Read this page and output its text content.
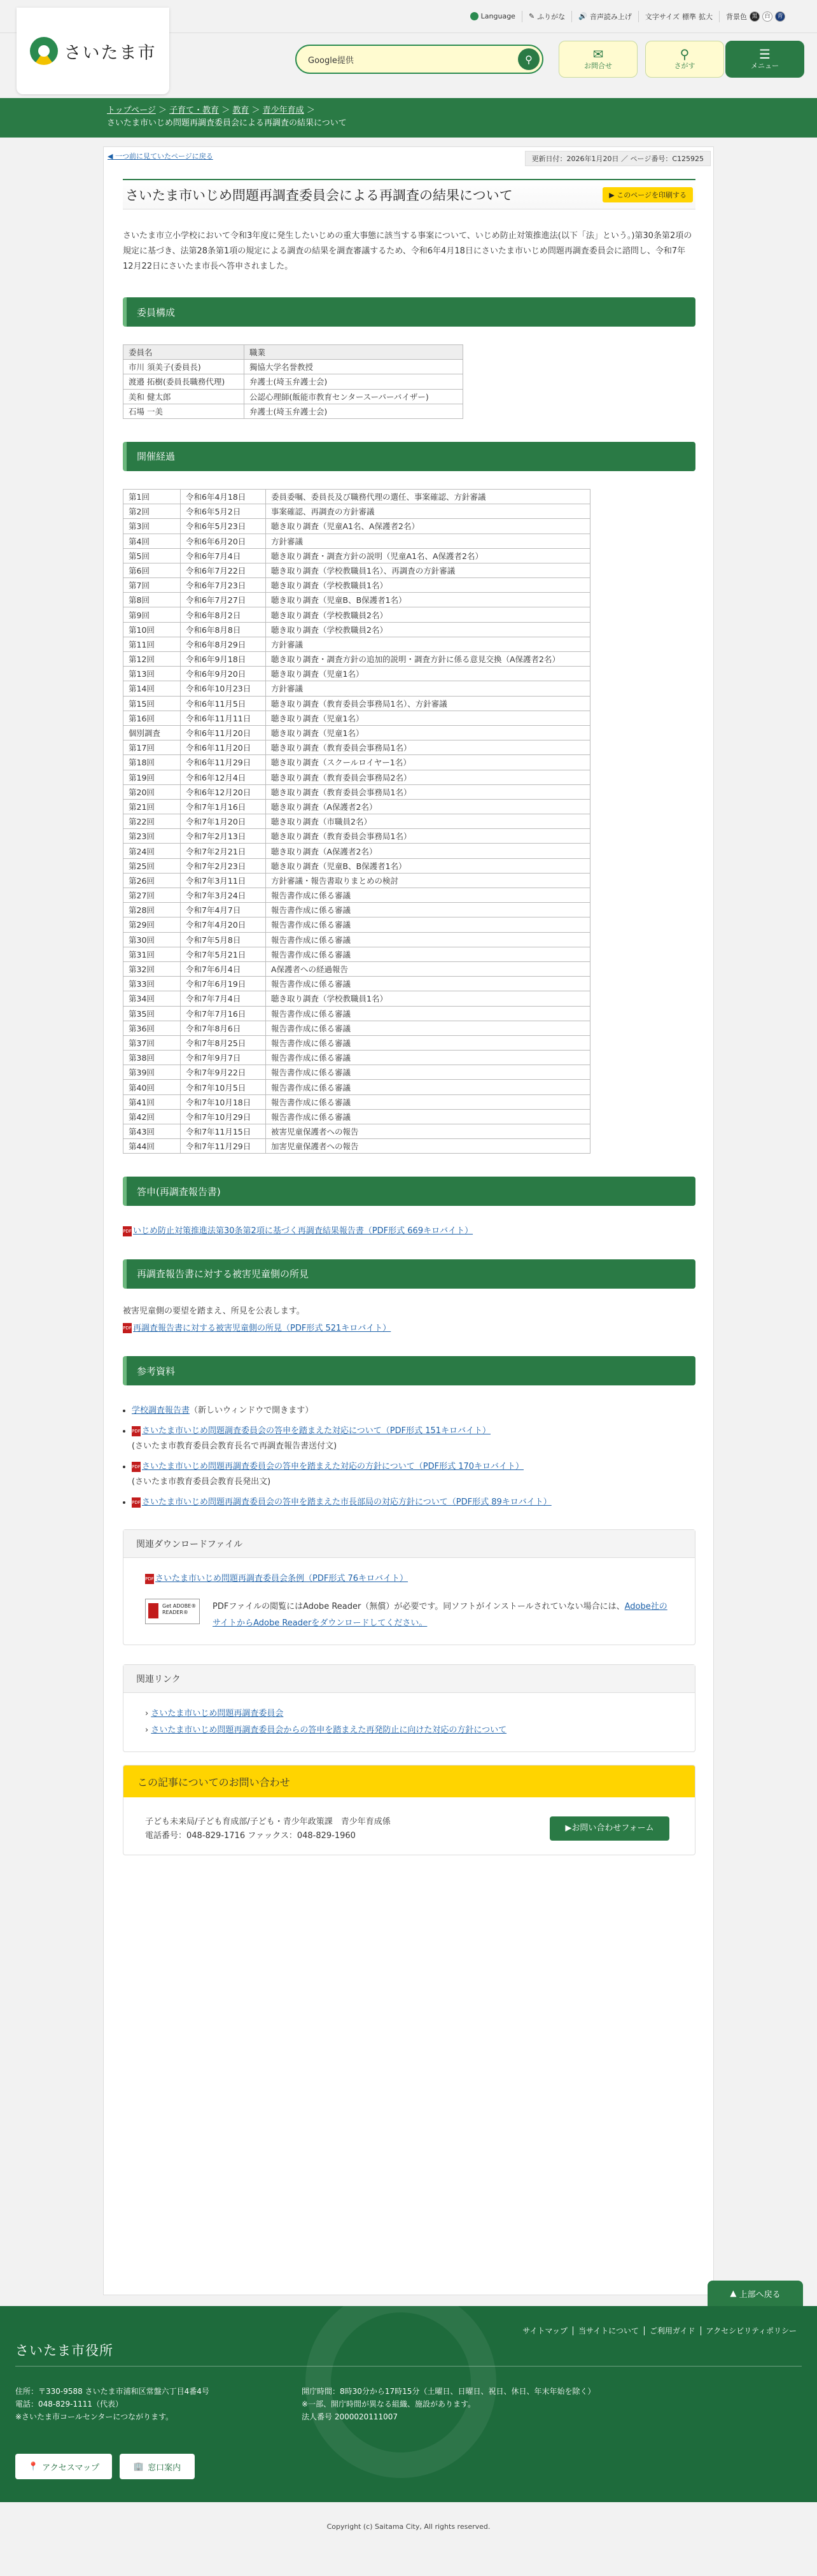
Language ✎ ふりがな 🔊 音声読み上げ 文字サイズ 標準 拡大 背景色 黒	白	青
さいたま市	Google提供	⚲	✉
お問合せ
⚲
さがす
☰
メニュー
トップページ ＞ 子育て・教育 ＞ 教育 ＞ 青少年育成 ＞
さいたま市いじめ問題再調査委員会による再調査の結果について
◀ 一つ前に見ていたページに戻る	更新日付：2026年1月20日 ／ ページ番号：C125925
さいたま市いじめ問題再調査委員会による再調査の結果について	▶ このページを印刷する

さいたま市立小学校において令和3年度に発生したいじめの重大事態に該当する事案について、いじめ防止対策推進法(以下「法」という。)第30条第2項の規定に基づき、法第28条第1項の規定による調査の結果を調査審議するため、令和6年4月18日にさいたま市いじめ問題再調査委員会に諮問し、令和7年12月22日にさいたま市長へ答申されました。

委員構成
委員名	職業
市川 須美子(委員長)	獨協大学名誉教授
渡邉 拓樹(委員長職務代理)	弁護士(埼玉弁護士会)
美和 健太郎	公認心理師(飯能市教育センタースーパーバイザー)
石場 一美	弁護士(埼玉弁護士会)
開催経過
第1回	令和6年4月18日	委員委嘱、委員長及び職務代理の選任、事案確認、方針審議
第2回	令和6年5月2日	事案確認、再調査の方針審議
第3回	令和6年5月23日	聴き取り調査（児童A1名、A保護者2名）
第4回	令和6年6月20日	方針審議
第5回	令和6年7月4日	聴き取り調査・調査方針の説明（児童A1名、A保護者2名）
第6回	令和6年7月22日	聴き取り調査（学校教職員1名）、再調査の方針審議
第7回	令和6年7月23日	聴き取り調査（学校教職員1名）
第8回	令和6年7月27日	聴き取り調査（児童B、B保護者1名）
第9回	令和6年8月2日	聴き取り調査（学校教職員2名）
第10回	令和6年8月8日	聴き取り調査（学校教職員2名）
第11回	令和6年8月29日	方針審議
第12回	令和6年9月18日	聴き取り調査・調査方針の追加的説明・調査方針に係る意見交換（A保護者2名）
第13回	令和6年9月20日	聴き取り調査（児童1名）
第14回	令和6年10月23日	方針審議
第15回	令和6年11月5日	聴き取り調査（教育委員会事務局1名）、方針審議
第16回	令和6年11月11日	聴き取り調査（児童1名）
個別調査	令和6年11月20日	聴き取り調査（児童1名）
第17回	令和6年11月20日	聴き取り調査（教育委員会事務局1名）
第18回	令和6年11月29日	聴き取り調査（スクールロイヤー1名）
第19回	令和6年12月4日	聴き取り調査（教育委員会事務局2名）
第20回	令和6年12月20日	聴き取り調査（教育委員会事務局1名）
第21回	令和7年1月16日	聴き取り調査（A保護者2名）
第22回	令和7年1月20日	聴き取り調査（市職員2名）
第23回	令和7年2月13日	聴き取り調査（教育委員会事務局1名）
第24回	令和7年2月21日	聴き取り調査（A保護者2名）
第25回	令和7年2月23日	聴き取り調査（児童B、B保護者1名）
第26回	令和7年3月11日	方針審議・報告書取りまとめの検討
第27回	令和7年3月24日	報告書作成に係る審議
第28回	令和7年4月7日	報告書作成に係る審議
第29回	令和7年4月20日	報告書作成に係る審議
第30回	令和7年5月8日	報告書作成に係る審議
第31回	令和7年5月21日	報告書作成に係る審議
第32回	令和7年6月4日	A保護者への経過報告
第33回	令和7年6月19日	報告書作成に係る審議
第34回	令和7年7月4日	聴き取り調査（学校教職員1名）
第35回	令和7年7月16日	報告書作成に係る審議
第36回	令和7年8月6日	報告書作成に係る審議
第37回	令和7年8月25日	報告書作成に係る審議
第38回	令和7年9月7日	報告書作成に係る審議
第39回	令和7年9月22日	報告書作成に係る審議
第40回	令和7年10月5日	報告書作成に係る審議
第41回	令和7年10月18日	報告書作成に係る審議
第42回	令和7年10月29日	報告書作成に係る審議
第43回	令和7年11月15日	被害児童保護者への報告
第44回	令和7年11月29日	加害児童保護者への報告
答申(再調査報告書)
PDF いじめ防止対策推進法第30条第2項に基づく再調査結果報告書（PDF形式 669キロバイト）
再調査報告書に対する被害児童側の所見
被害児童側の要望を踏まえ、所見を公表します。
PDF 再調査報告書に対する被害児童側の所見（PDF形式 521キロバイト）
参考資料
• 学校調査報告書（新しいウィンドウで開きます）
• PDF さいたま市いじめ問題調査委員会の答申を踏まえた対応について（PDF形式 151キロバイト）
(さいたま市教育委員会教育長名で再調査報告書送付文)
• PDF さいたま市いじめ問題再調査委員会の答申を踏まえた対応の方針について（PDF形式 170キロバイト）
(さいたま市教育委員会教育長発出文)
• PDF さいたま市いじめ問題再調査委員会の答申を踏まえた市長部局の対応方針について（PDF形式 89キロバイト）
関連ダウンロードファイル
PDF さいたま市いじめ問題再調査委員会条例（PDF形式 76キロバイト）
Get ADOBE® READER®
PDFファイルの閲覧にはAdobe Reader（無償）が必要です。同ソフトがインストールされていない場合には、Adobe社のサイトからAdobe Readerをダウンロードしてください。
関連リンク
› さいたま市いじめ問題再調査委員会
› さいたま市いじめ問題再調査委員会からの答申を踏まえた再発防止に向けた対応の方針について
この記事についてのお問い合わせ
子ども未来局/子ども育成部/子ども・青少年政策課　青少年育成係
電話番号：048-829-1716 ファックス：048-829-1960
▶ お問い合わせフォーム
▲
上部へ戻る
サイトマップ 当サイトについて ご利用ガイド アクセシビリティポリシー
さいたま市役所
住所：〒330-9588 さいたま市浦和区常盤六丁目4番4号
電話：048-829-1111（代表）
※さいたま市コールセンターにつながります。
開庁時間：8時30分から17時15分（土曜日、日曜日、祝日、休日、年末年始を除く）
※一部、開庁時間が異なる組織、施設があります。
法人番号 2000020111007
📍 アクセスマップ	🏢 窓口案内
Copyright (c) Saitama City, All rights reserved.
